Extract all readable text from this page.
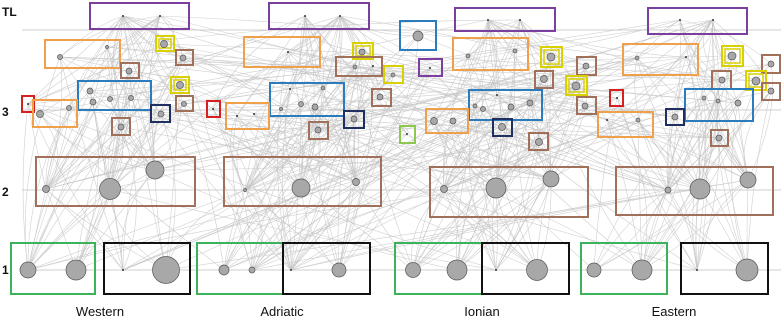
TL
3
2
1
Western	Adriatic	Ionian	Eastern
